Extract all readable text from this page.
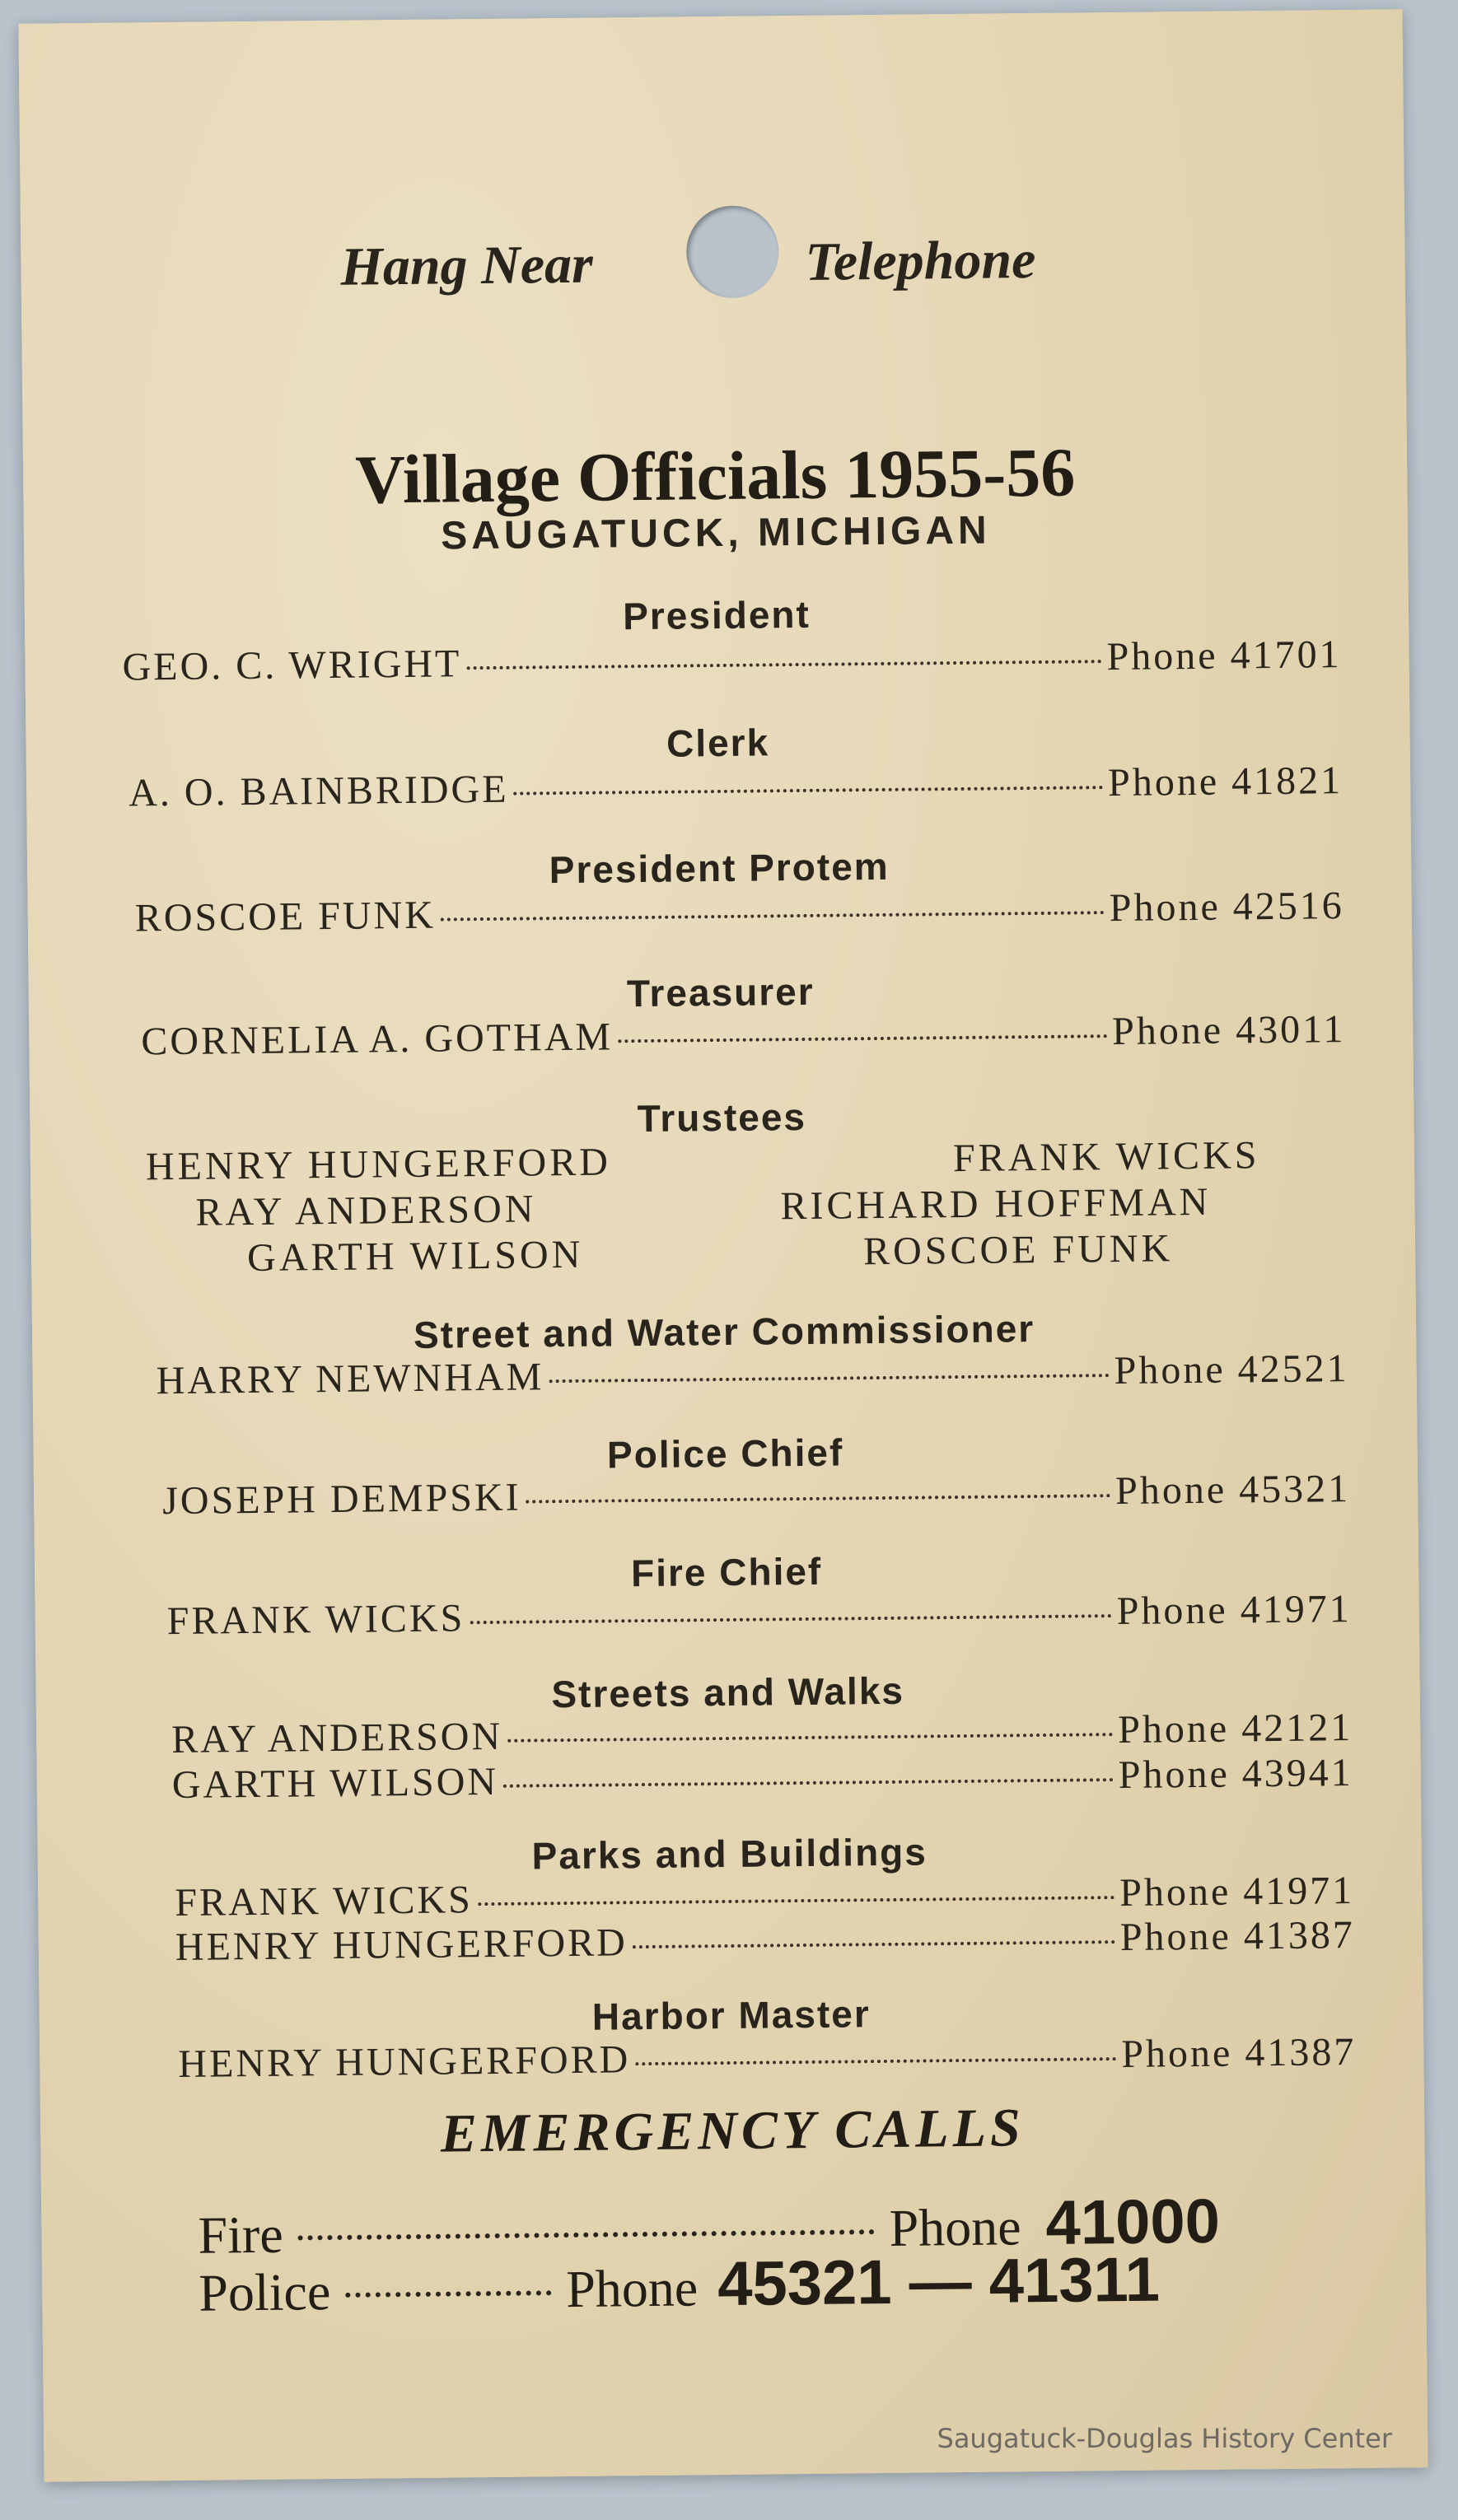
Hang Near	Telephone
Village Officials 1955-56
SAUGATUCK, MICHIGAN
President
GEO. C. WRIGHT	Phone 41701
Clerk
A. O. BAINBRIDGE	Phone 41821
President Protem
ROSCOE FUNK	Phone 42516
Treasurer
CORNELIA A. GOTHAM	Phone 43011
Trustees
HENRY HUNGERFORD	FRANK WICKS
RAY ANDERSON	RICHARD HOFFMAN
GARTH WILSON	ROSCOE FUNK
Street and Water Commissioner
HARRY NEWNHAM	Phone 42521
Police Chief
JOSEPH DEMPSKI	Phone 45321
Fire Chief
FRANK WICKS	Phone 41971
Streets and Walks
RAY ANDERSON	Phone 42121
GARTH WILSON	Phone 43941
Parks and Buildings
FRANK WICKS	Phone 41971
HENRY HUNGERFORD	Phone 41387
Harbor Master
HENRY HUNGERFORD	Phone 41387
EMERGENCY CALLS
Fire	Phone 41000
Police	Phone 45321 — 41311
Saugatuck-Douglas History Center
